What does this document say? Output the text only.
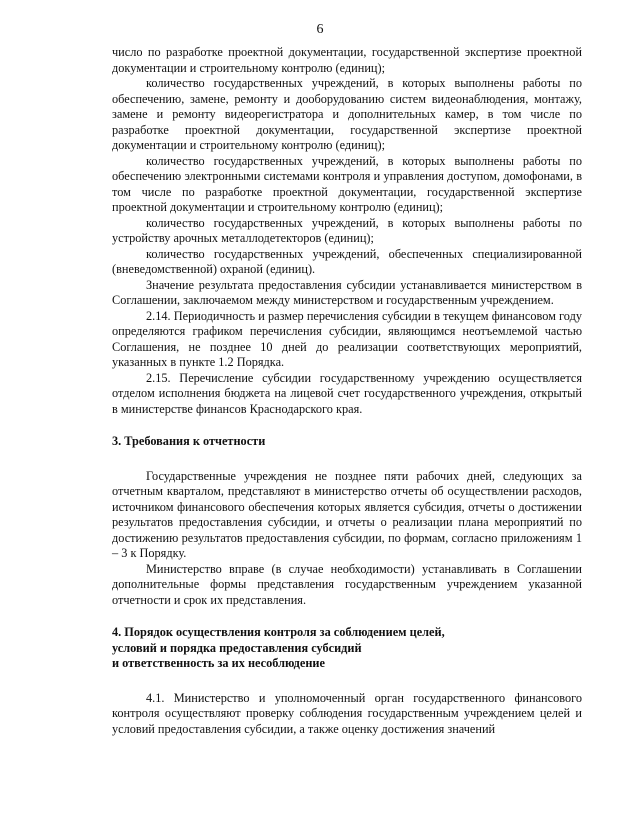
6

число по разработке проектной документации, государственной экспертизе проектной документации и строительному контролю (единиц);

количество государственных учреждений, в которых выполнены работы по обеспечению, замене, ремонту и дооборудованию систем видеонаблюдения, монтажу, замене и ремонту видеорегистратора и дополнительных камер, в том числе по разработке проектной документации, государственной экспертизе проектной документации и строительному контролю (единиц);

количество государственных учреждений, в которых выполнены работы по обеспечению электронными системами контроля и управления доступом, домофонами, в том числе по разработке проектной документации, государственной экспертизе проектной документации и строительному контролю (единиц);

количество государственных учреждений, в которых выполнены работы по устройству арочных металлодетекторов (единиц);

количество государственных учреждений, обеспеченных специализированной (вневедомственной) охраной (единиц).

Значение результата предоставления субсидии устанавливается министерством в Соглашении, заключаемом между министерством и государственным учреждением.

2.14. Периодичность и размер перечисления субсидии в текущем финансовом году определяются графиком перечисления субсидии, являющимся неотъемлемой частью Соглашения, не позднее 10 дней до реализации соответствующих мероприятий, указанных в пункте 1.2 Порядка.

2.15. Перечисление субсидии государственному учреждению осуществляется отделом исполнения бюджета на лицевой счет государственного учреждения, открытый в министерстве финансов Краснодарского края.

3. Требования к отчетности

Государственные учреждения не позднее пяти рабочих дней, следующих за отчетным кварталом, представляют в министерство отчеты об осуществлении расходов, источником финансового обеспечения которых является субсидия, отчеты о достижении результатов предоставления субсидии, и отчеты о реализации плана мероприятий по достижению результатов предоставления субсидии, по формам, согласно приложениям 1 – 3 к Порядку.

Министерство вправе (в случае необходимости) устанавливать в Соглашении дополнительные формы представления государственным учреждением указанной отчетности и срок их представления.

4. Порядок осуществления контроля за соблюдением целей,

условий и порядка предоставления субсидий

и ответственность за их несоблюдение

4.1. Министерство и уполномоченный орган государственного финансового контроля осуществляют проверку соблюдения государственным учреждением целей и условий предоставления субсидии, а также оценку достижения значений
